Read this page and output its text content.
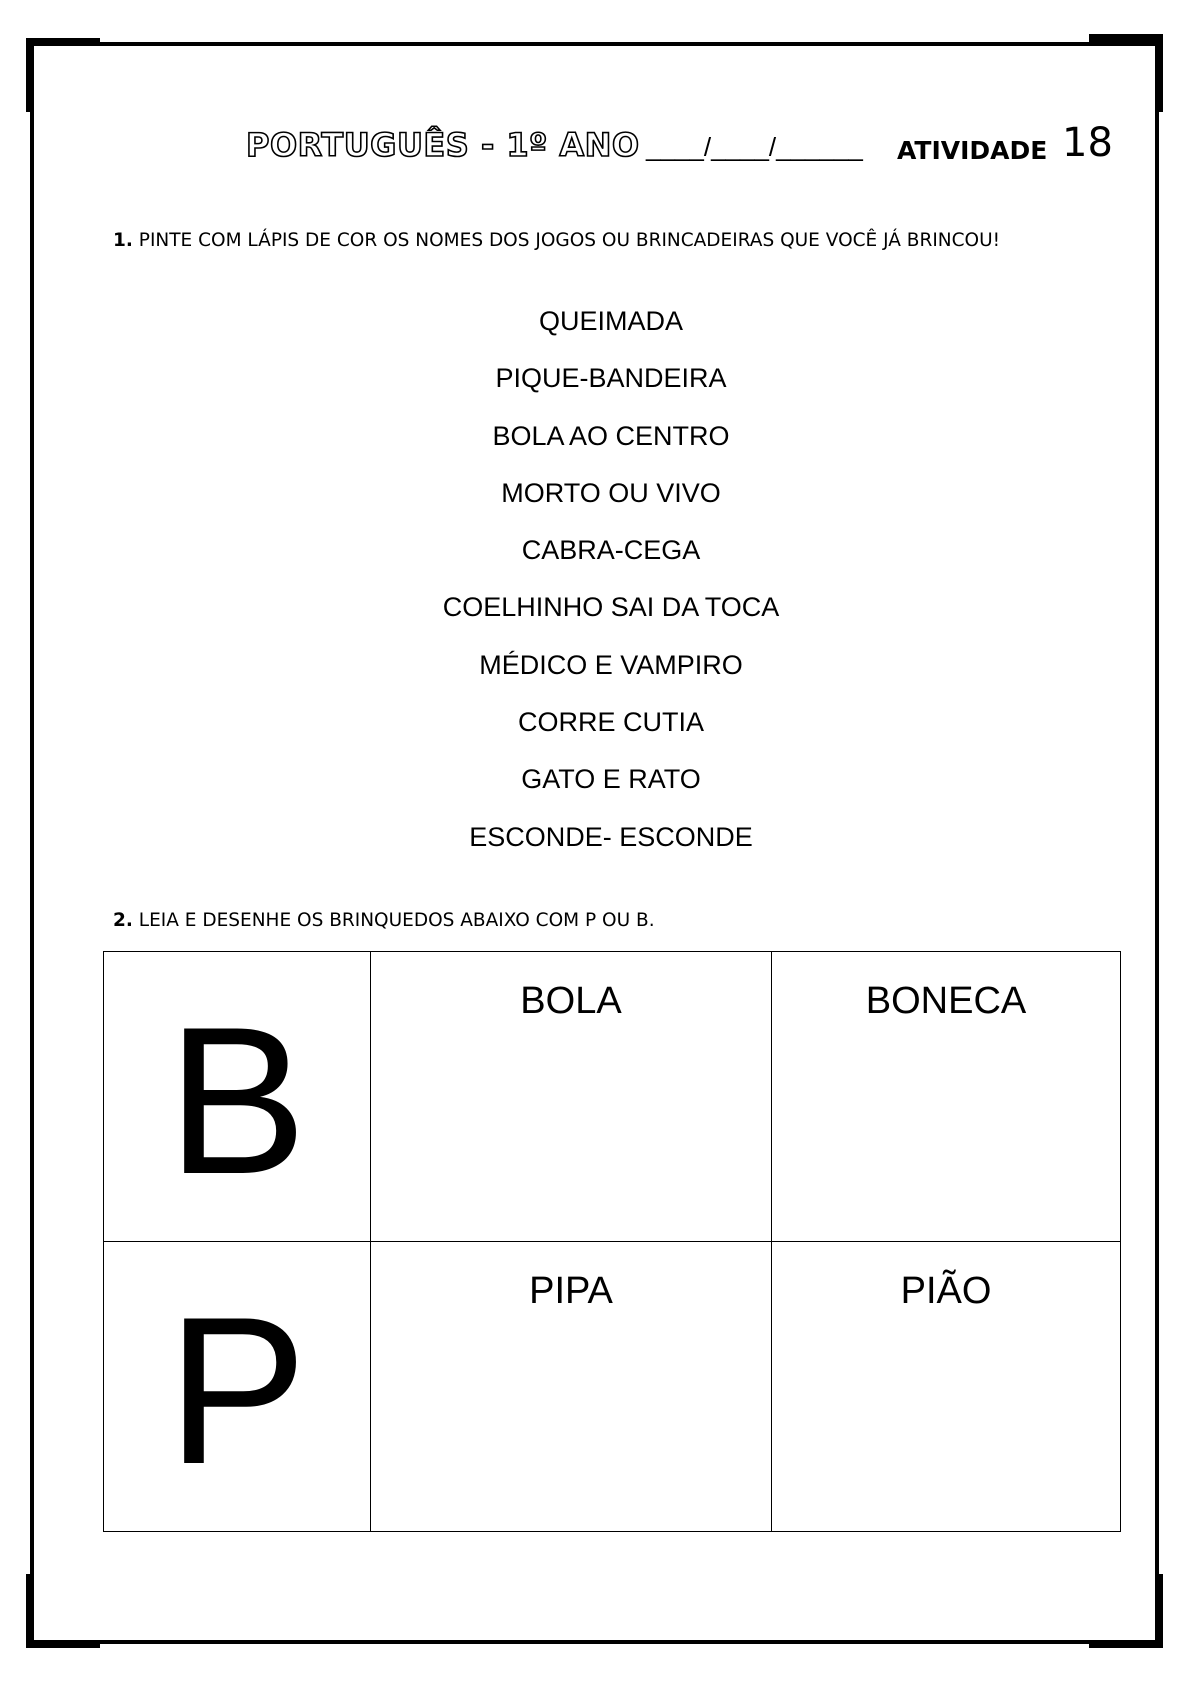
PORTUGUÊS - 1º ANO ____/____/______ ATIVIDADE 18
1. PINTE COM LÁPIS DE COR OS NOMES DOS JOGOS OU BRINCADEIRAS QUE VOCÊ JÁ BRINCOU!
QUEIMADA
PIQUE-BANDEIRA
BOLA AO CENTRO
MORTO OU VIVO
CABRA-CEGA
COELHINHO SAI DA TOCA
MÉDICO E VAMPIRO
CORRE CUTIA
GATO E RATO
ESCONDE- ESCONDE
2. LEIA E DESENHE OS BRINQUEDOS ABAIXO COM P OU B.
B	BOLA	BONECA

P	PIPA	PIÃO
